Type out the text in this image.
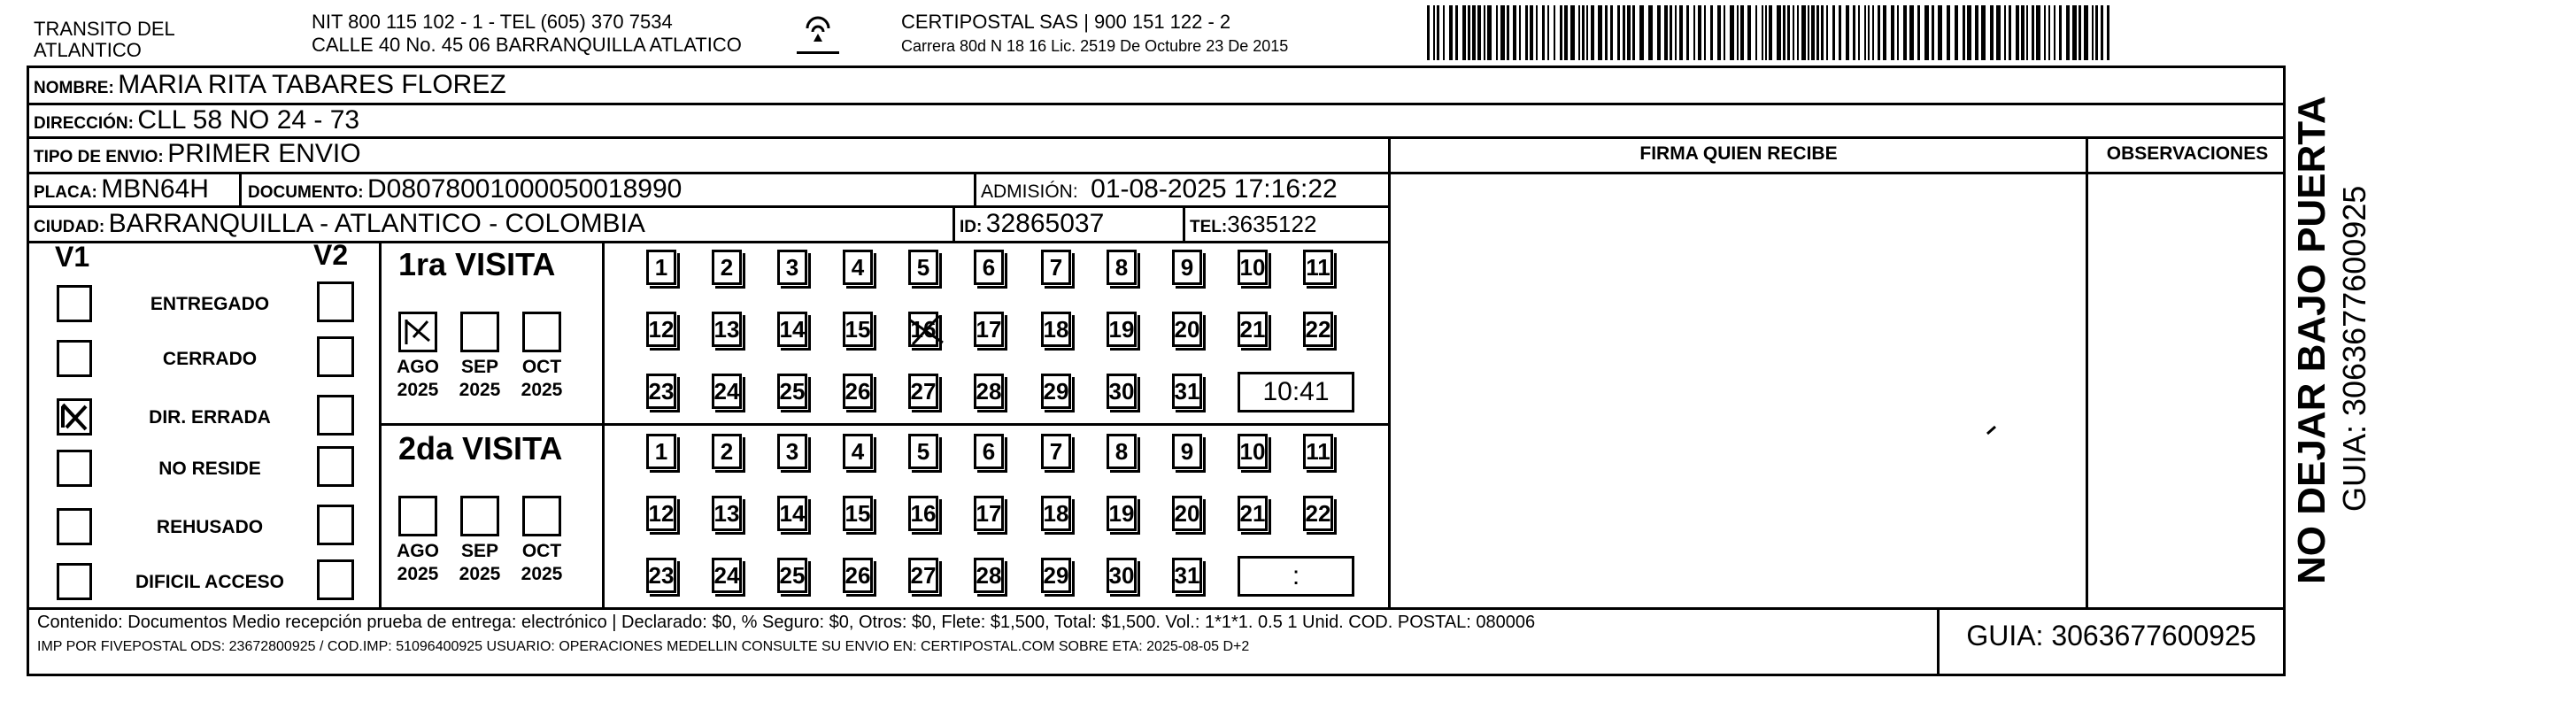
TRANSITO DEL
ATLANTICO
NIT 800 115 102 - 1 - TEL (605) 370 7534
CALLE 40 No. 45 06 BARRANQUILLA ATLATICO
CERTIPOSTAL SAS | 900 151 122 - 2
Carrera 80d N 18 16 Lic. 2519 De Octubre 23 De 2015
NOMBRE: MARIA RITA TABARES FLOREZ
DIRECCIÓN: CLL 58 NO 24 - 73
TIPO DE ENVIO: PRIMER ENVIO
PLACA: MBN64H DOCUMENTO: D08078001000050018990	ADMISIÓN: 01-08-2025 17:16:22
CIUDAD: BARRANQUILLA - ATLANTICO - COLOMBIA	ID: 32865037	TEL:3635122
FIRMA QUIEN RECIBE	OBSERVACIONES
V1	V2
ENTREGADO
CERRADO
DIR. ERRADA
NO RESIDE
REHUSADO
DIFICIL ACCESO
1ra VISITA
AGO
2025
SEP
2025
OCT
2025
1	2	3	4	5	6	7	8	9	10 11
12 13 14 15 16 17 18 19 20 21 22
23 24 25 26 27 28 29 30 31	10:41
2da VISITA
AGO
2025
SEP
2025
OCT
2025
1	2	3	4	5	6	7	8	9	10 11
12 13 14 15 16 17 18 19 20 21 22
23 24 25 26 27 28 29 30 31	:
Contenido: Documentos Medio recepción prueba de entrega: electrónico | Declarado: $0, % Seguro: $0, Otros: $0, Flete: $1,500, Total: $1,500. Vol.: 1*1*1. 0.5 1 Unid. COD. POSTAL: 080006
IMP POR FIVEPOSTAL ODS: 23672800925 / COD.IMP: 51096400925 USUARIO: OPERACIONES MEDELLIN CONSULTE SU ENVIO EN: CERTIPOSTAL.COM SOBRE ETA: 2025-08-05 D+2	GUIA: 3063677600925
NO DEJAR BAJO PUERTA GUIA: 3063677600925
